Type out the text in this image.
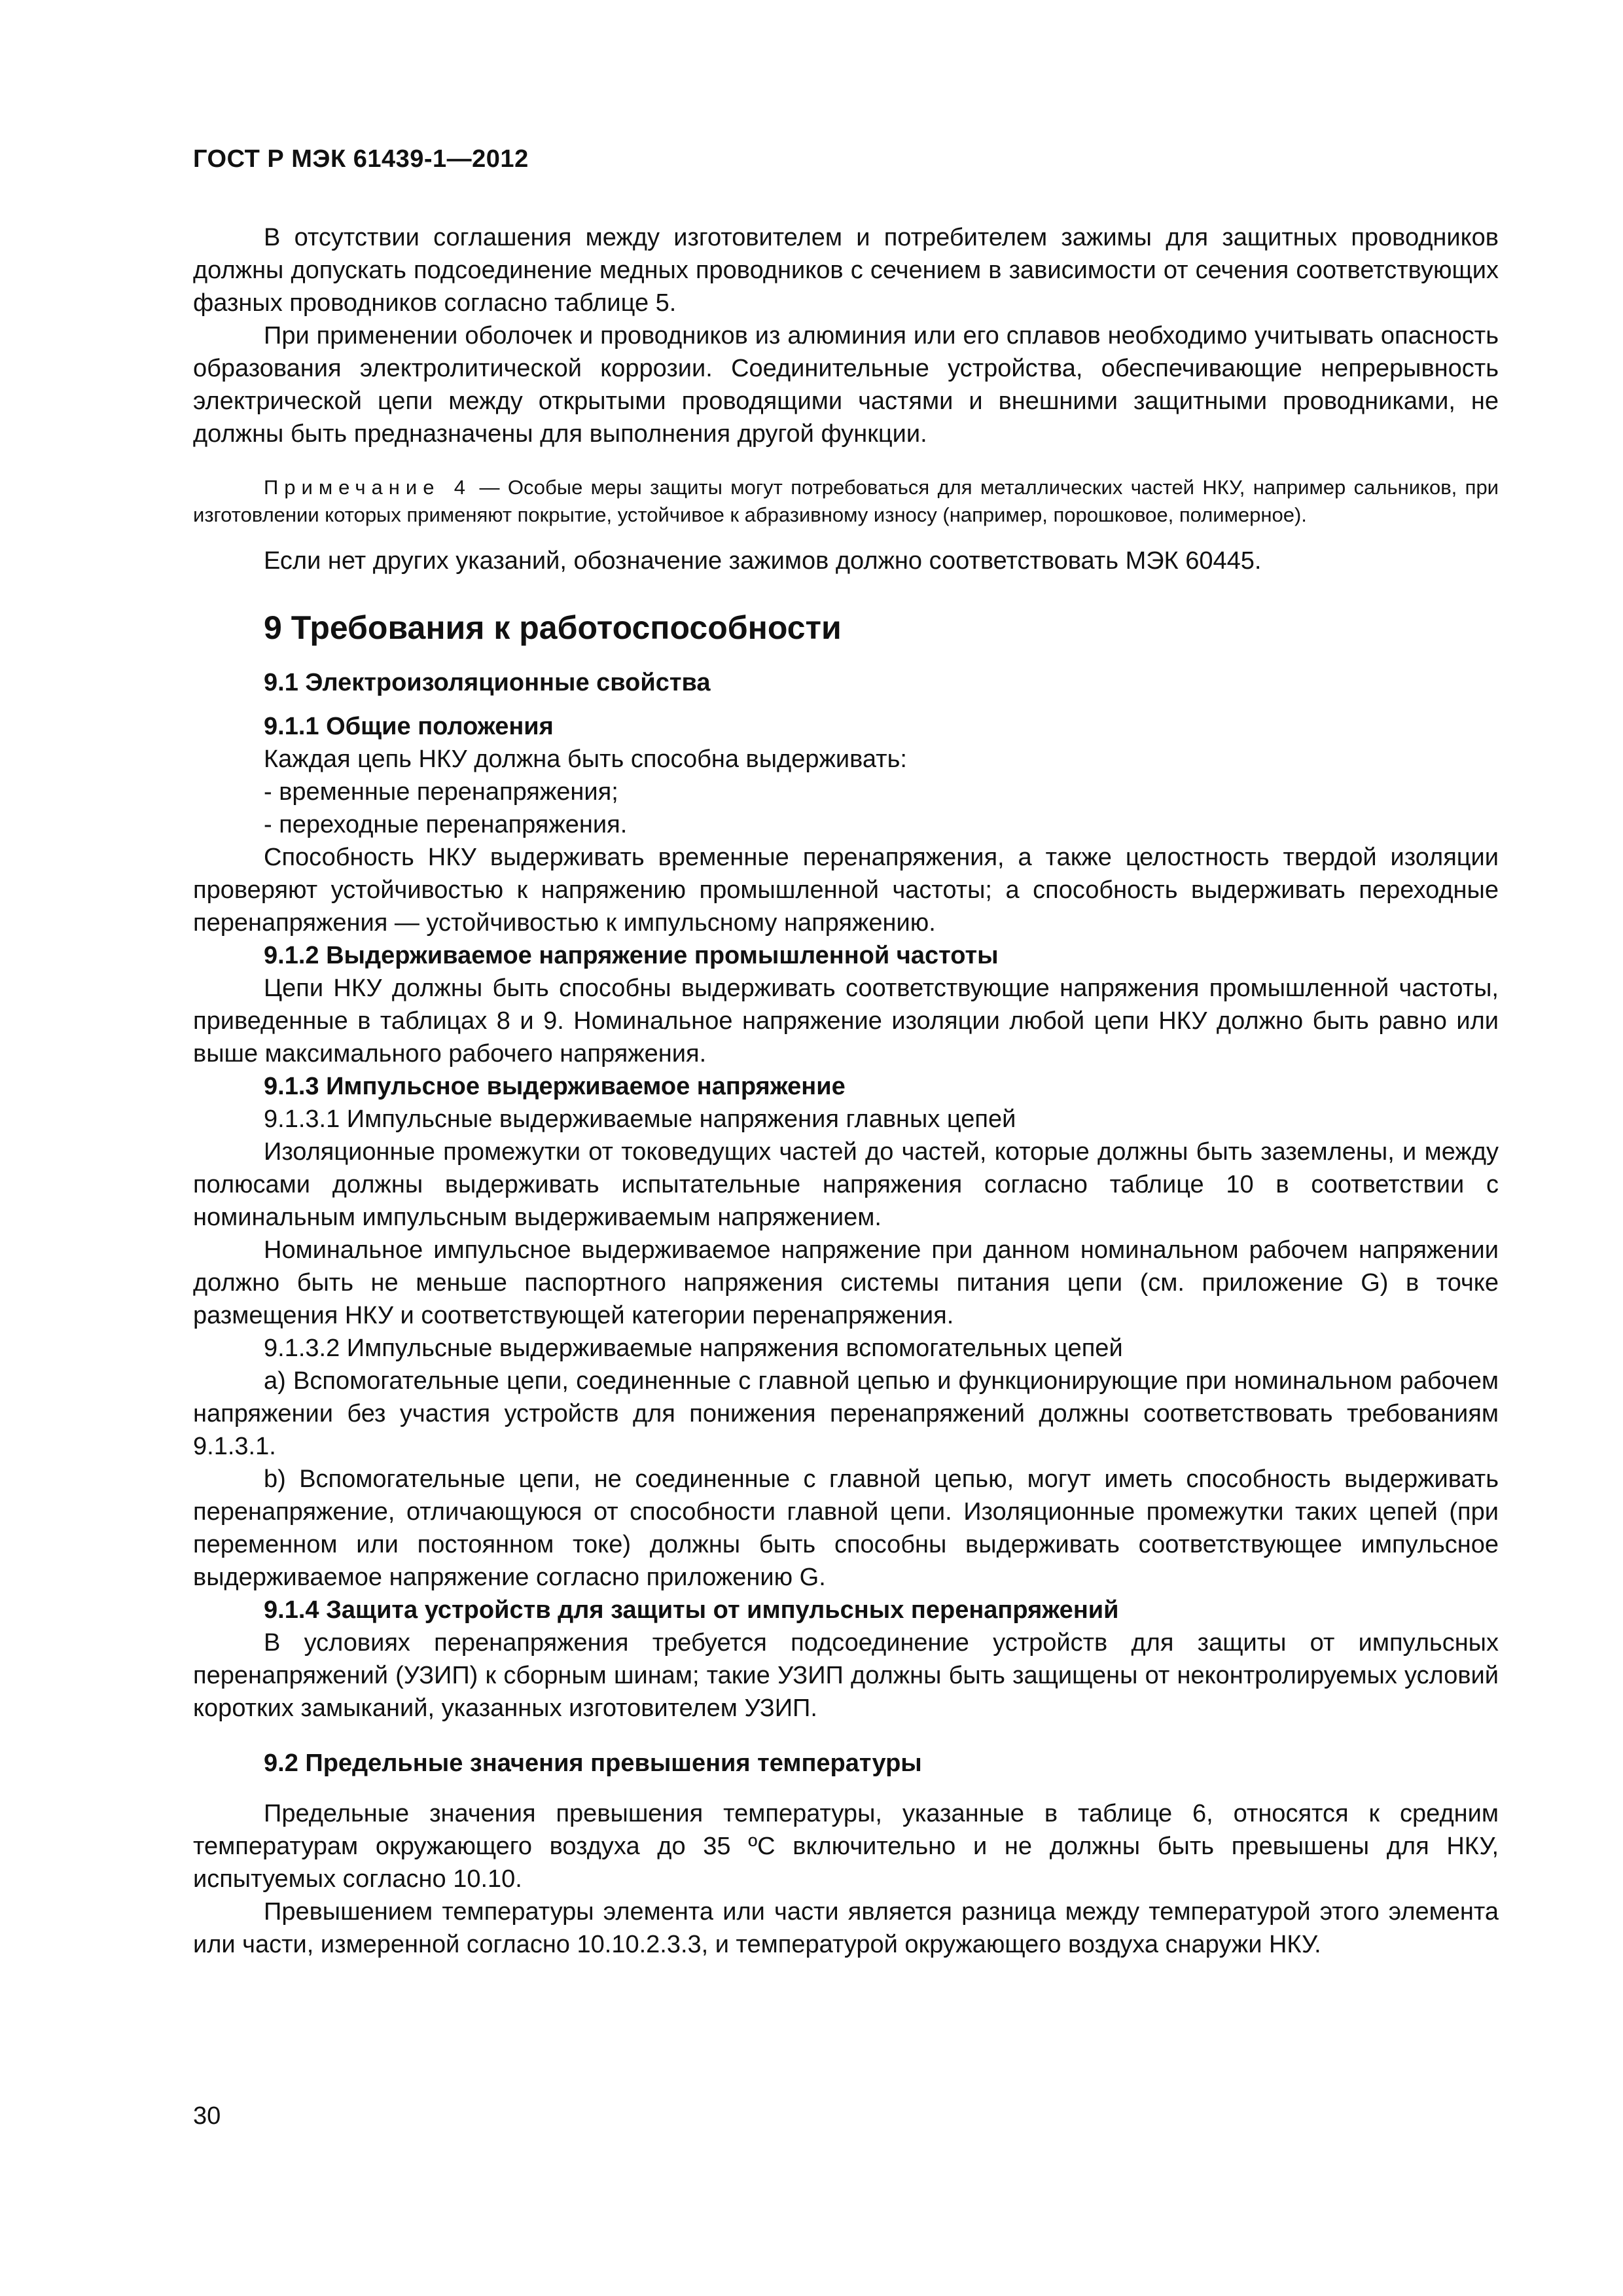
ГОСТ Р МЭК 61439-1—2012

В отсутствии соглашения между изготовителем и потребителем зажимы для защитных проводников должны допускать подсоединение медных проводников с сечением в зависимости от сечения соответствующих фазных проводников согласно таблице 5.

При применении оболочек и проводников из алюминия или его сплавов необходимо учитывать опасность образования электролитической коррозии. Соединительные устройства, обеспечивающие непрерывность электрической цепи между открытыми проводящими частями и внешними защитными проводниками, не должны быть предназначены для выполнения другой функции.

Примечание 4 — Особые меры защиты могут потребоваться для металлических частей НКУ, например сальников, при изготовлении которых применяют покрытие, устойчивое к абразивному износу (например, порошковое, полимерное).

Если нет других указаний, обозначение зажимов должно соответствовать МЭК 60445.

9 Требования к работоспособности
9.1 Электроизоляционные свойства
9.1.1 Общие положения

Каждая цепь НКУ должна быть способна выдерживать:

- временные перенапряжения;

- переходные перенапряжения.

Способность НКУ выдерживать временные перенапряжения, а также целостность твердой изоляции проверяют устойчивостью к напряжению промышленной частоты; а способность выдерживать переходные перенапряжения — устойчивостью к импульсному напряжению.

9.1.2 Выдерживаемое напряжение промышленной частоты

Цепи НКУ должны быть способны выдерживать соответствующие напряжения промышленной частоты, приведенные в таблицах 8 и 9. Номинальное напряжение изоляции любой цепи НКУ должно быть равно или выше максимального рабочего напряжения.

9.1.3 Импульсное выдерживаемое напряжение
9.1.3.1 Импульсные выдерживаемые напряжения главных цепей

Изоляционные промежутки от токоведущих частей до частей, которые должны быть заземлены, и между полюсами должны выдерживать испытательные напряжения согласно таблице 10 в соответствии с номинальным импульсным выдерживаемым напряжением.

Номинальное импульсное выдерживаемое напряжение при данном номинальном рабочем напряжении должно быть не меньше паспортного напряжения системы питания цепи (см. приложение G) в точке размещения НКУ и соответствующей категории перенапряжения.

9.1.3.2 Импульсные выдерживаемые напряжения вспомогательных цепей

a) Вспомогательные цепи, соединенные с главной цепью и функционирующие при номинальном рабочем напряжении без участия устройств для понижения перенапряжений должны соответствовать требованиям 9.1.3.1.

b) Вспомогательные цепи, не соединенные с главной цепью, могут иметь способность выдерживать перенапряжение, отличающуюся от способности главной цепи. Изоляционные промежутки таких цепей (при переменном или постоянном токе) должны быть способны выдерживать соответствующее импульсное выдерживаемое напряжение согласно приложению G.

9.1.4 Защита устройств для защиты от импульсных перенапряжений

В условиях перенапряжения требуется подсоединение устройств для защиты от импульсных перенапряжений (УЗИП) к сборным шинам; такие УЗИП должны быть защищены от неконтролируемых условий коротких замыканий, указанных изготовителем УЗИП.

9.2 Предельные значения превышения температуры

Предельные значения превышения температуры, указанные в таблице 6, относятся к средним температурам окружающего воздуха до 35 ºС включительно и не должны быть превышены для НКУ, испытуемых согласно 10.10.

Превышением температуры элемента или части является разница между температурой этого элемента или части, измеренной согласно 10.10.2.3.3, и температурой окружающего воздуха снаружи НКУ.

30
